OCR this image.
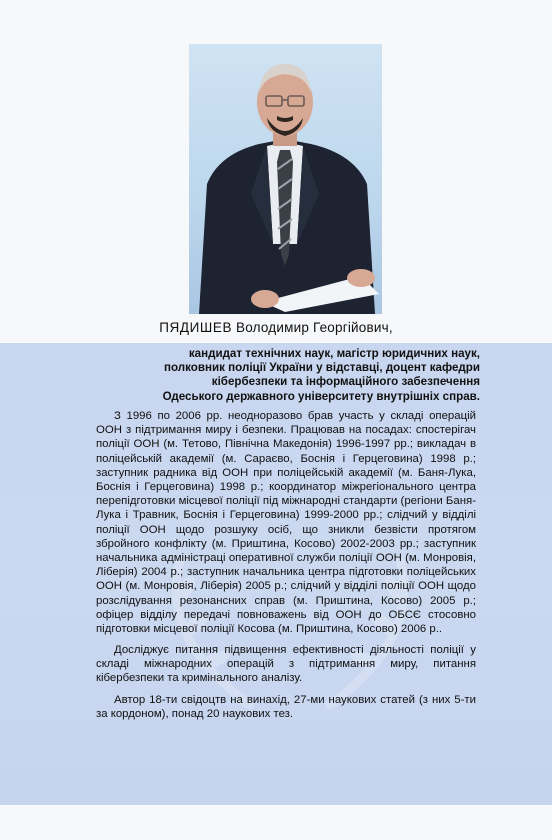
ПЯДИШЕВ Володимир Георгійович,
кандидат технічних наук, магістр юридичних наук,
полковник поліції України у відставці, доцент кафедри
кібербезпеки та інформаційного забезпечення
Одеського державного університету внутрішніх справ.
З 1996 по 2006 рр. неодноразово брав участь у складі операцій ООН з підтримання миру і безпеки. Працював на посадах: спостерігач поліції ООН (м. Тетово, Північна Македонія) 1996-1997 рр.; викладач в поліцейській академії (м. Сараєво, Боснія і Герцеговина) 1998 р.; заступник радника від ООН при поліцейській академії (м. Баня-Лука, Боснія і Герцеговина) 1998 р.; координатор міжрегіонального центра перепідготовки місцевої поліції під міжнародні стандарти (регіони Баня-Лука і Травник, Боснія і Герцеговина) 1999-2000 рр.; слідчий у відділі поліції ООН щодо розшуку осіб, що зникли безвісти протягом збройного конфлікту (м. Приштина, Косово) 2002-2003 рр.; заступник начальника адміністраці оперативної служби поліції ООН (м. Монровія, Ліберія) 2004 р.; заступник начальника центра підготовки поліцейських ООН (м. Монровія, Ліберія) 2005 р.; слідчий у відділі поліції ООН щодо розслідування резонансних справ (м. Приштина, Косово) 2005 р.; офіцер відділу передачі повноважень від ООН до ОБСЄ стосовно підготовки місцевої поліції Косова (м. Приштина, Косово) 2006 р..
Досліджує питання підвищення ефективності діяльності поліції у складі міжнародних операцій з підтримання миру, питання кібербезпеки та кримінального аналізу.
Автор 18-ти свідоцтв на винахід, 27-ми наукових статей (з них 5-ти за кордоном), понад 20 наукових тез.
